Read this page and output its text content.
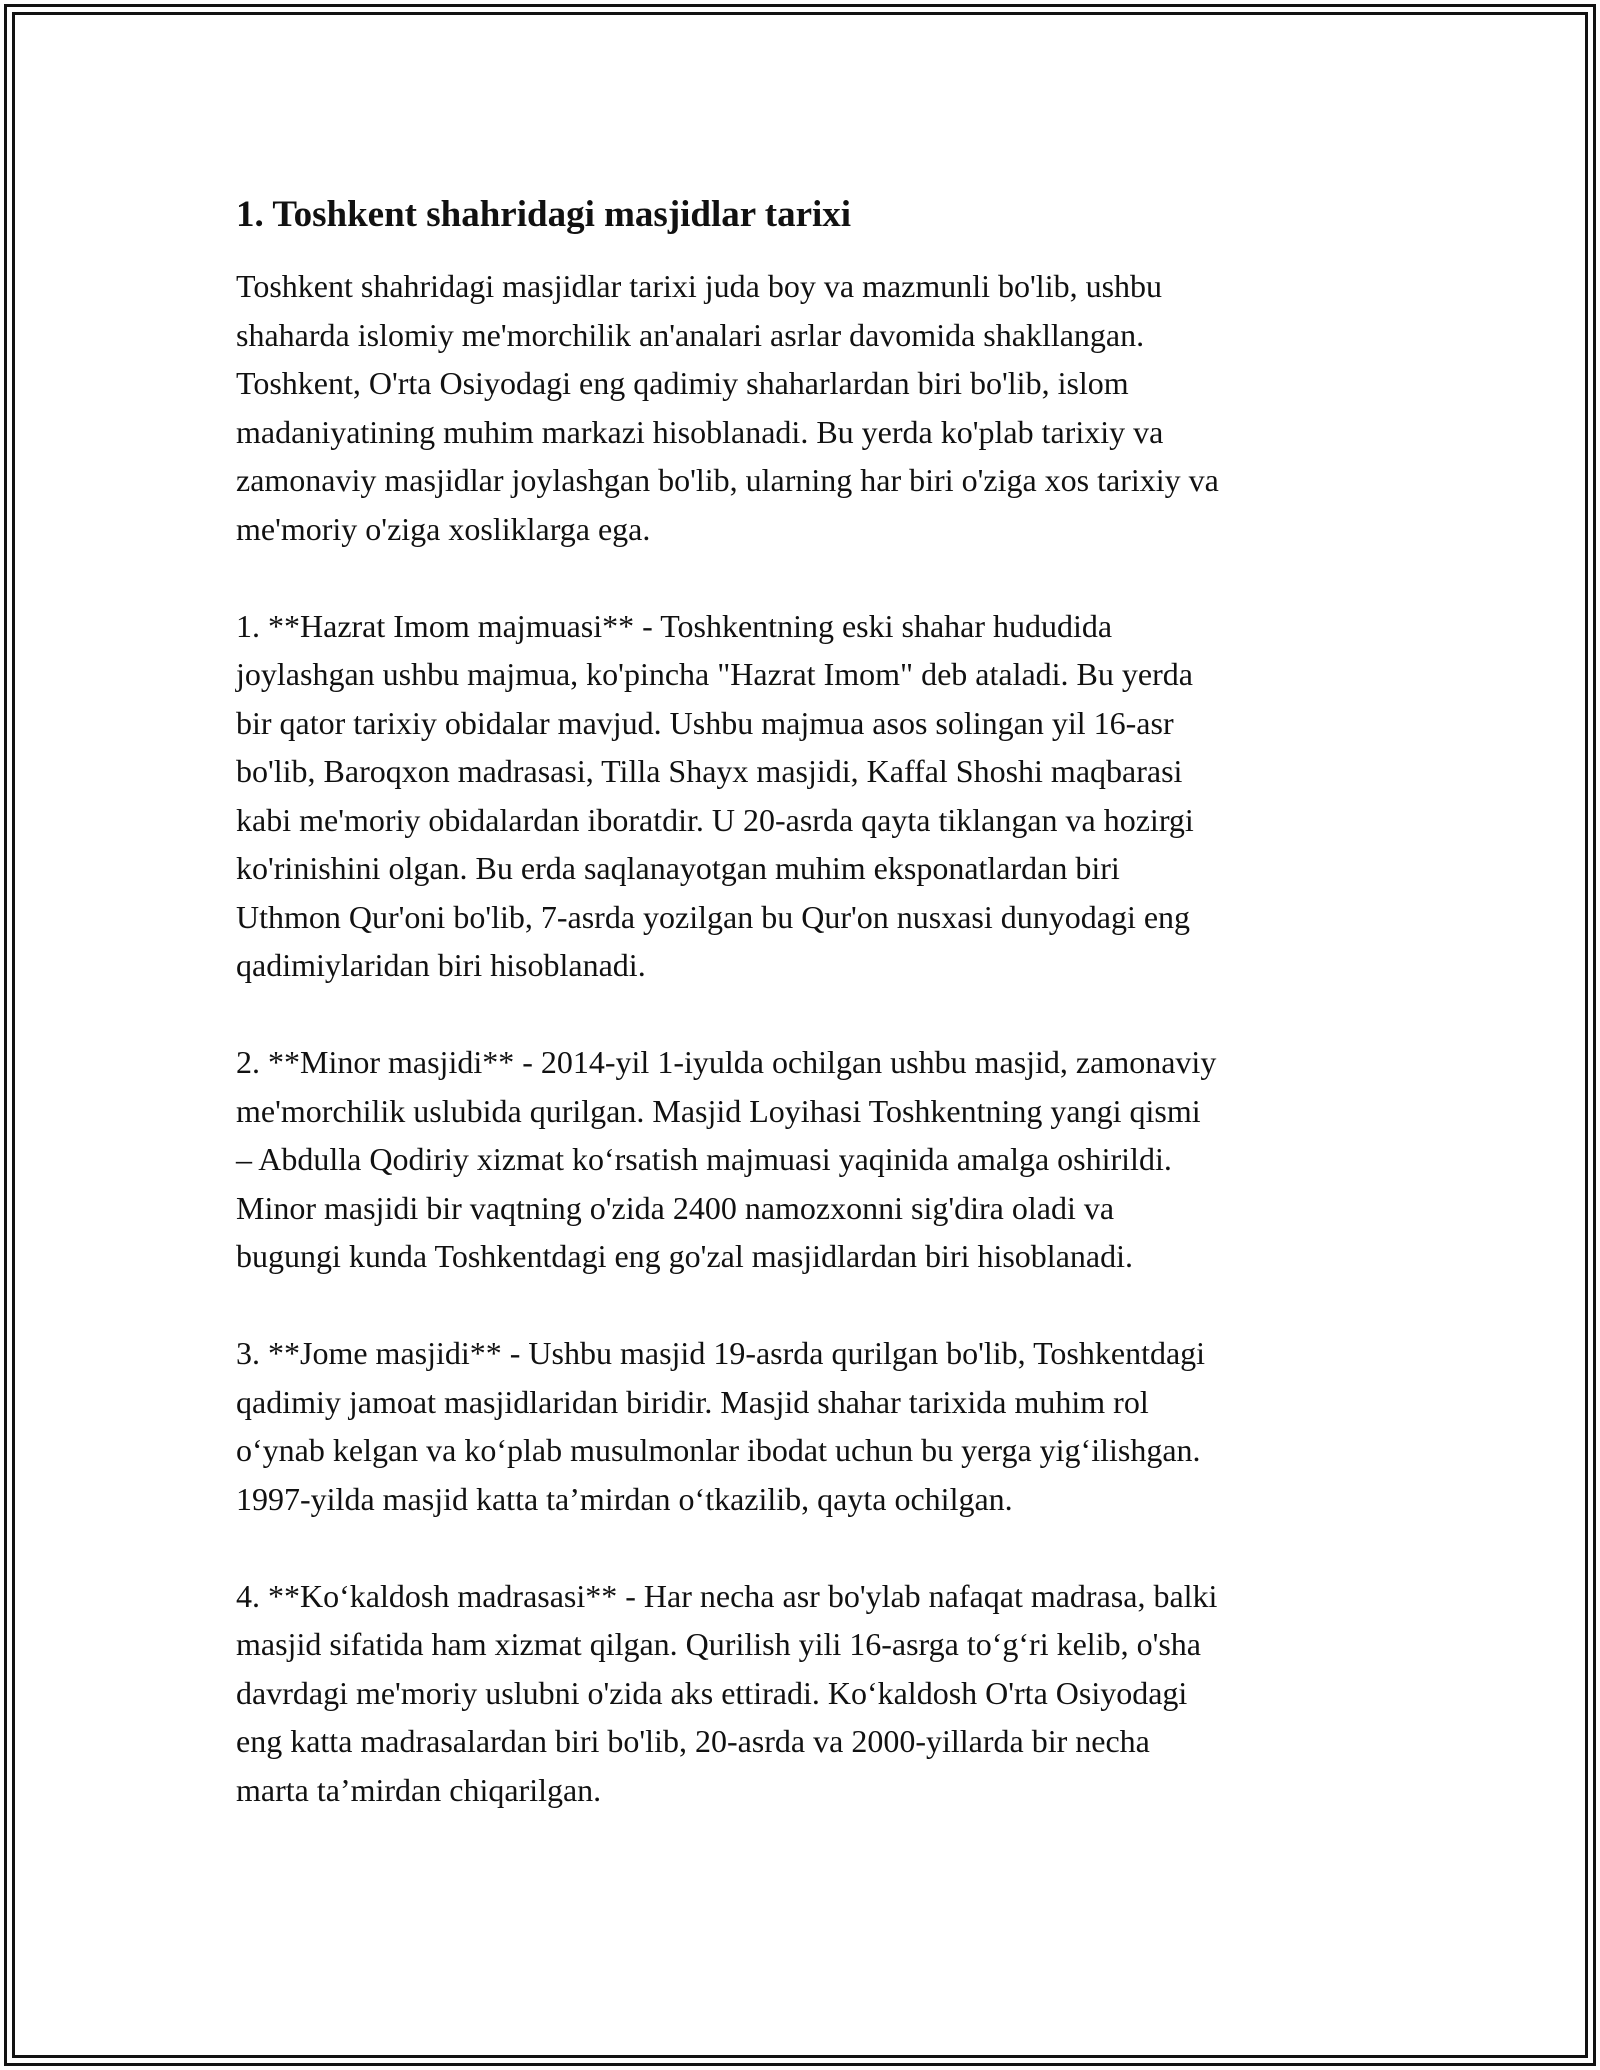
1. Toshkent shahridagi masjidlar tarixi

Toshkent shahridagi masjidlar tarixi juda boy va mazmunli bo'lib, ushbu
shaharda islomiy me'morchilik an'analari asrlar davomida shakllangan.
Toshkent, O'rta Osiyodagi eng qadimiy shaharlardan biri bo'lib, islom
madaniyatining muhim markazi hisoblanadi. Bu yerda ko'plab tarixiy va
zamonaviy masjidlar joylashgan bo'lib, ularning har biri o'ziga xos tarixiy va
me'moriy o'ziga xosliklarga ega.

1. **Hazrat Imom majmuasi** - Toshkentning eski shahar hududida
joylashgan ushbu majmua, ko'pincha "Hazrat Imom" deb ataladi. Bu yerda
bir qator tarixiy obidalar mavjud. Ushbu majmua asos solingan yil 16-asr
bo'lib, Baroqxon madrasasi, Tilla Shayx masjidi, Kaffal Shoshi maqbarasi
kabi me'moriy obidalardan iboratdir. U 20-asrda qayta tiklangan va hozirgi
ko'rinishini olgan. Bu erda saqlanayotgan muhim eksponatlardan biri
Uthmon Qur'oni bo'lib, 7-asrda yozilgan bu Qur'on nusxasi dunyodagi eng
qadimiylaridan biri hisoblanadi.

2. **Minor masjidi** - 2014-yil 1-iyulda ochilgan ushbu masjid, zamonaviy
me'morchilik uslubida qurilgan. Masjid Loyihasi Toshkentning yangi qismi
– Abdulla Qodiriy xizmat koʻrsatish majmuasi yaqinida amalga oshirildi.
Minor masjidi bir vaqtning o'zida 2400 namozxonni sig'dira oladi va
bugungi kunda Toshkentdagi eng go'zal masjidlardan biri hisoblanadi.

3. **Jome masjidi** - Ushbu masjid 19-asrda qurilgan bo'lib, Toshkentdagi
qadimiy jamoat masjidlaridan biridir. Masjid shahar tarixida muhim rol
oʻynab kelgan va koʻplab musulmonlar ibodat uchun bu yerga yigʻilishgan.
1997-yilda masjid katta taʼmirdan oʻtkazilib, qayta ochilgan.

4. **Koʻkaldosh madrasasi** - Har necha asr bo'ylab nafaqat madrasa, balki
masjid sifatida ham xizmat qilgan. Qurilish yili 16-asrga toʻgʻri kelib, o'sha
davrdagi me'moriy uslubni o'zida aks ettiradi. Koʻkaldosh O'rta Osiyodagi
eng katta madrasalardan biri bo'lib, 20-asrda va 2000-yillarda bir necha
marta taʼmirdan chiqarilgan.
